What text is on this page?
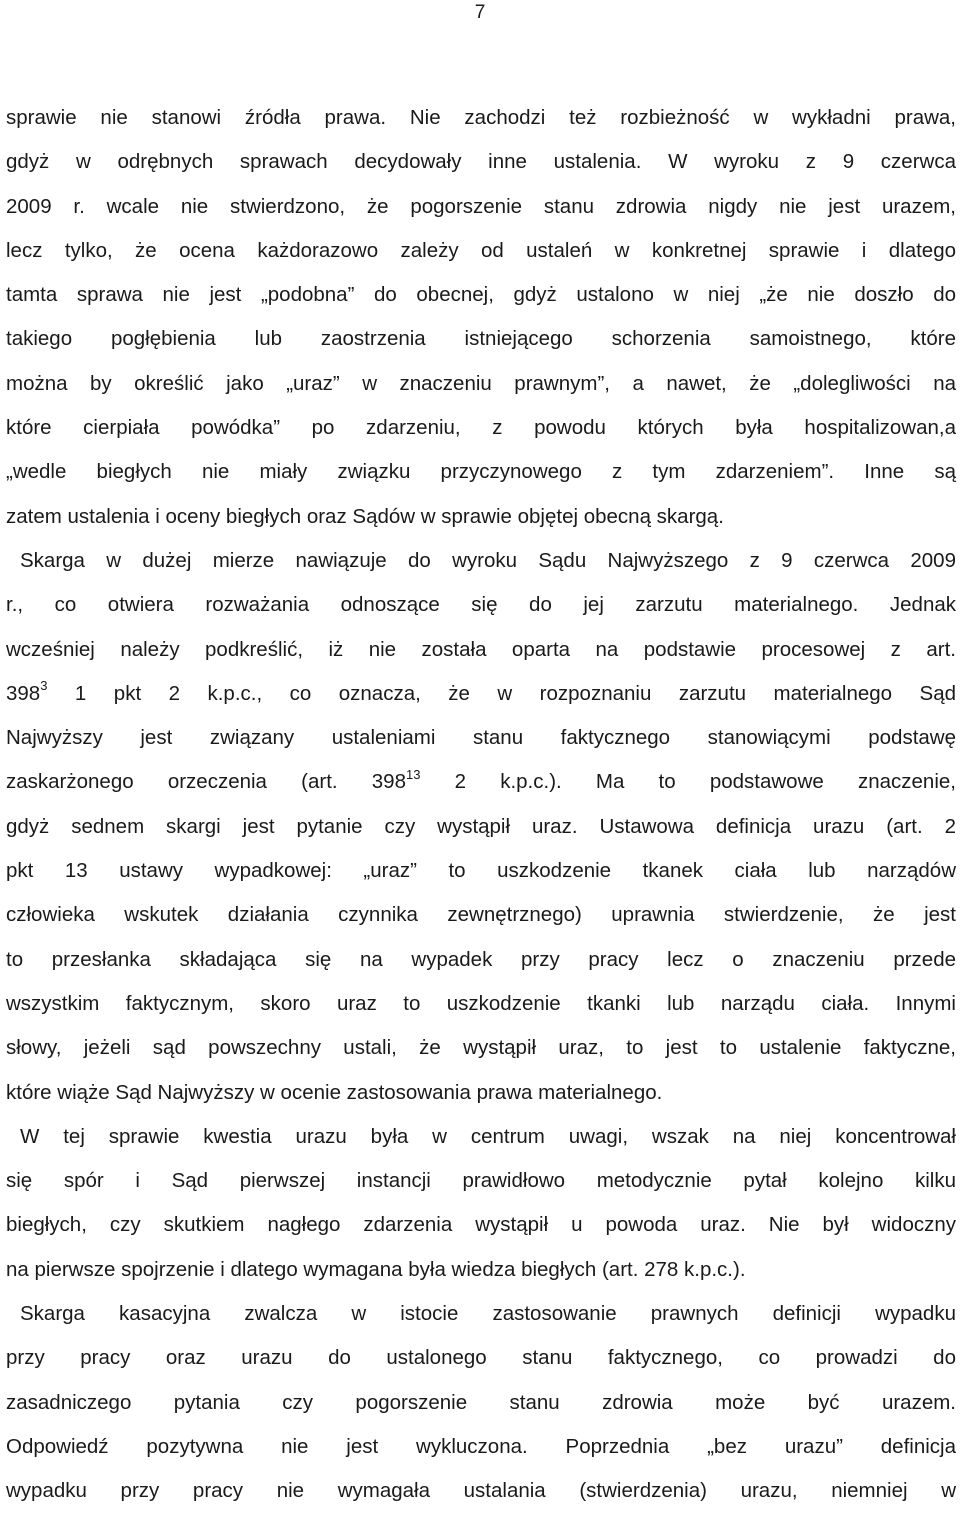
7
sprawie nie stanowi źródła prawa. Nie zachodzi też rozbieżność w wykładni prawa,
gdyż w odrębnych sprawach decydowały inne ustalenia. W wyroku z 9 czerwca
2009 r. wcale nie stwierdzono, że pogorszenie stanu zdrowia nigdy nie jest urazem,
lecz tylko, że ocena każdorazowo zależy od ustaleń w konkretnej sprawie i dlatego
tamta sprawa nie jest „podobna” do obecnej, gdyż ustalono w niej „że nie doszło do
takiego pogłębienia lub zaostrzenia istniejącego schorzenia samoistnego, które
można by określić jako „uraz” w znaczeniu prawnym”, a nawet, że „dolegliwości na
które cierpiała powódka” po zdarzeniu, z powodu których była hospitalizowan,a
„wedle biegłych nie miały związku przyczynowego z tym zdarzeniem”. Inne są
zatem ustalenia i oceny biegłych oraz Sądów w sprawie objętej obecną skargą.
Skarga w dużej mierze nawiązuje do wyroku Sądu Najwyższego z 9 czerwca 2009
r., co otwiera rozważania odnoszące się do jej zarzutu materialnego. Jednak
wcześniej należy podkreślić, iż nie została oparta na podstawie procesowej z art.
$398^3$ 1 pkt 2 k.p.c., co oznacza, że w rozpoznaniu zarzutu materialnego Sąd
Najwyższy jest związany ustaleniami stanu faktycznego stanowiącymi podstawę
zaskarżonego orzeczenia (art. $398^{13}$ 2 k.p.c.). Ma to podstawowe znaczenie,
gdyż sednem skargi jest pytanie czy wystąpił uraz. Ustawowa definicja urazu (art. 2
pkt 13 ustawy wypadkowej: „uraz” to uszkodzenie tkanek ciała lub narządów
człowieka wskutek działania czynnika zewnętrznego) uprawnia stwierdzenie, że jest
to przesłanka składająca się na wypadek przy pracy lecz o znaczeniu przede
wszystkim faktycznym, skoro uraz to uszkodzenie tkanki lub narządu ciała. Innymi
słowy, jeżeli sąd powszechny ustali, że wystąpił uraz, to jest to ustalenie faktyczne,
które wiąże Sąd Najwyższy w ocenie zastosowania prawa materialnego.
W tej sprawie kwestia urazu była w centrum uwagi, wszak na niej koncentrował
się spór i Sąd pierwszej instancji prawidłowo metodycznie pytał kolejno kilku
biegłych, czy skutkiem nagłego zdarzenia wystąpił u powoda uraz. Nie był widoczny
na pierwsze spojrzenie i dlatego wymagana była wiedza biegłych (art. 278 k.p.c.).
Skarga kasacyjna zwalcza w istocie zastosowanie prawnych definicji wypadku
przy pracy oraz urazu do ustalonego stanu faktycznego, co prowadzi do
zasadniczego pytania czy pogorszenie stanu zdrowia może być urazem.
Odpowiedź pozytywna nie jest wykluczona. Poprzednia „bez urazu” definicja
wypadku przy pracy nie wymagała ustalania (stwierdzenia) urazu, niemniej w
